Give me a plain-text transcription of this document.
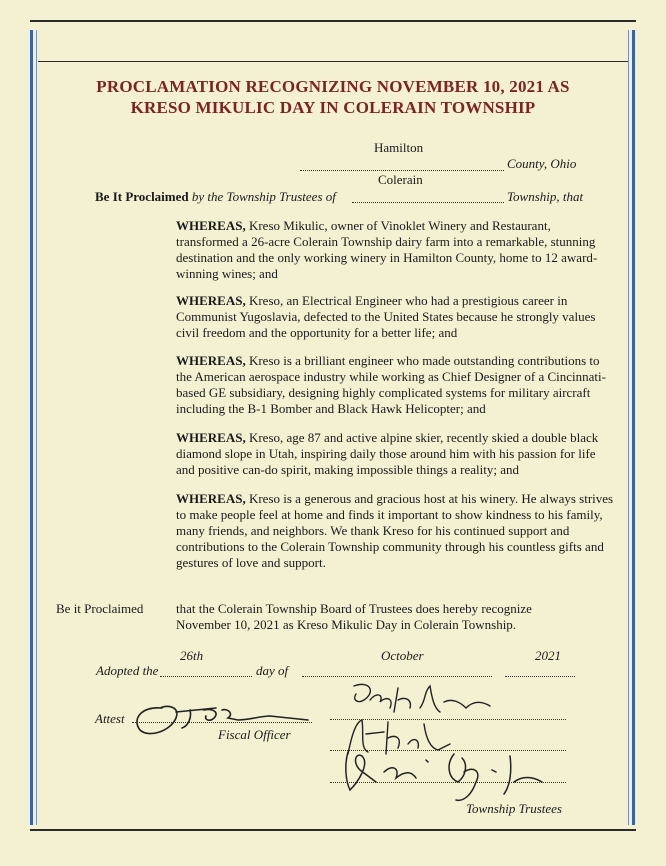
PROCLAMATION RECOGNIZING NOVEMBER 10, 2021 AS
KRESO MIKULIC DAY IN COLERAIN TOWNSHIP
Hamilton
County, Ohio
Colerain
Be It Proclaimed by the Township Trustees of	Township, that
WHEREAS, Kreso Mikulic, owner of Vinoklet Winery and Restaurant, transformed a 26-acre Colerain Township dairy farm into a remarkable, stunning destination and the only working winery in Hamilton County, home to 12 award-winning wines; and
WHEREAS, Kreso, an Electrical Engineer who had a prestigious career in Communist Yugoslavia, defected to the United States because he strongly values civil freedom and the opportunity for a better life; and
WHEREAS, Kreso is a brilliant engineer who made outstanding contributions to the American aerospace industry while working as Chief Designer of a Cincinnati-based GE subsidiary, designing highly complicated systems for military aircraft including the B-1 Bomber and Black Hawk Helicopter; and
WHEREAS, Kreso, age 87 and active alpine skier, recently skied a double black diamond slope in Utah, inspiring daily those around him with his passion for life and positive can-do spirit, making impossible things a reality; and
WHEREAS, Kreso is a generous and gracious host at his winery. He always strives to make people feel at home and finds it important to show kindness to his family, many friends, and neighbors. We thank Kreso for his continued support and contributions to the Colerain Township community through his countless gifts and gestures of love and support.
Be it Proclaimed	that the Colerain Township Board of Trustees does hereby recognize
November 10, 2021 as Kreso Mikulic Day in Colerain Township.
26th	October	2021
Adopted the	day of
Attest
Fiscal Officer
Township Trustees
